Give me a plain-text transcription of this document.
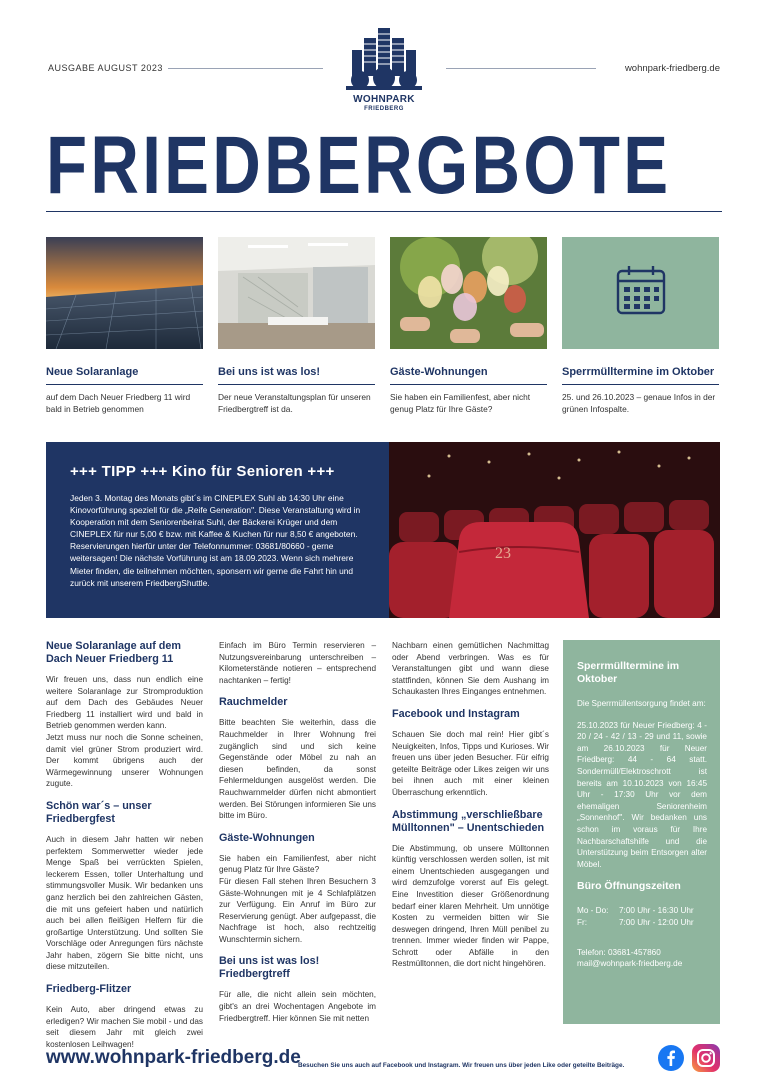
AUSGABE AUGUST 2023	wohnpark-friedberg.de
WOHNPARK
FRIEDBERG
FRIEDBERGBOTE
Neue Solaranlage	Bei uns ist was los!	Gäste-Wohnungen	Sperrmülltermine im Oktober
auf dem Dach Neuer Friedberg 11 wird bald in Betrieb genommen
Der neue Veranstaltungsplan für unseren Friedbergtreff ist da.
Sie haben ein Familienfest, aber nicht genug Platz für Ihre Gäste?
25. und 26.10.2023 – genaue Infos in der grünen Infospalte.
+++ TIPP +++ Kino für Senioren +++
Jeden 3. Montag des Monats gibt´s im CINEPLEX Suhl ab 14:30 Uhr eine Kinovorführung speziell für die „Reife Generation". Diese Veranstaltung wird in Kooperation mit dem Seniorenbeirat Suhl, der Bäckerei Krüger und dem CINEPLEX für nur 5,00 € bzw. mit Kaffee & Kuchen für nur 8,50 € angeboten. Reservierungen hierfür unter der Telefonnummer: 03681/80660 - gerne weitersagen! Die nächste Vorführung ist am 18.09.2023. Wenn sich mehrere Mieter finden, die teilnehmen möchten, sponsern wir gerne die Fahrt hin und zurück mit unserem FriedbergShuttle.
23
Neue Solaranlage auf dem Dach Neuer Friedberg 11

Wir freuen uns, dass nun endlich eine weitere Solaranlage zur Stromproduktion auf dem Dach des Gebäudes Neuer Friedberg 11 installiert wird und bald in Betrieb genommen werden kann.

Jetzt muss nur noch die Sonne scheinen, damit viel grüner Strom produziert wird. Der kommt übrigens auch der Wärmegewinnung unserer Wohnungen zugute.

Schön war´s – unser Friedbergfest

Auch in diesem Jahr hatten wir neben perfektem Sommerwetter wieder jede Menge Spaß bei verrückten Spielen, leckerem Essen, toller Unterhaltung und stimmungsvoller Musik. Wir bedanken uns ganz herzlich bei den zahlreichen Gästen, die mit uns gefeiert haben und natürlich auch bei allen fleißigen Helfern für die großartige Unterstützung. Und sollten Sie Vorschläge oder Anregungen fürs nächste Jahr haben, zögern Sie bitte nicht, uns diese mitzuteilen.

Friedberg-Flitzer

Kein Auto, aber dringend etwas zu erledigen? Wir machen Sie mobil - und das seit diesem Jahr mit gleich zwei kostenlosen Leihwagen!

Einfach im Büro Termin reservieren – Nutzungsvereinbarung unterschreiben – Kilometerstände notieren – entsprechend nachtanken – fertig!

Rauchmelder

Bitte beachten Sie weiterhin, dass die Rauchmelder in Ihrer Wohnung frei zugänglich sind und sich keine Gegenstände oder Möbel zu nah an diesen befinden, da sonst Fehlermeldungen ausgelöst werden. Die Rauchwarnmelder dürfen nicht abmontiert werden. Bei Störungen informieren Sie uns bitte im Büro.

Gäste-Wohnungen

Sie haben ein Familienfest, aber nicht genug Platz für Ihre Gäste?

Für diesen Fall stehen Ihren Besuchern 3 Gäste-Wohnungen mit je 4 Schlafplätzen zur Verfügung. Ein Anruf im Büro zur Reservierung genügt. Aber aufgepasst, die Nachfrage ist hoch, also rechtzeitig Wunschtermin sichern.

Bei uns ist was los! Friedbergtreff

Für alle, die nicht allein sein möchten, gibt's an drei Wochentagen Angebote im Friedbergtreff. Hier können Sie mit netten

Nachbarn einen gemütlichen Nachmittag oder Abend verbringen. Was es für Veranstaltungen gibt und wann diese stattfinden, können Sie dem Aushang im Schaukasten Ihres Einganges entnehmen.

Facebook und Instagram

Schauen Sie doch mal rein! Hier gibt´s Neuigkeiten, Infos, Tipps und Kurioses. Wir freuen uns über jeden Besucher. Für eifrig geteilte Beiträge oder Likes zeigen wir uns bei ihnen auch mit einer kleinen Überraschung erkenntlich.

Abstimmung „verschließbare Mülltonnen" – Unentschieden

Die Abstimmung, ob unsere Mülltonnen künftig verschlossen werden sollen, ist mit einem Unentschieden ausgegangen und wird demzufolge vorerst auf Eis gelegt. Eine Investition dieser Größenordnung bedarf einer klaren Mehrheit. Um unnötige Kosten zu vermeiden bitten wir Sie deswegen dringend, Ihren Müll penibel zu trennen. Immer wieder finden wir Pappe, Schrott oder Abfälle in den Restmülltonnen, die dort nicht hingehören.

Sperrmülltermine im Oktober

Die Sperrmüllentsorgung findet am:

25.10.2023 für Neuer Friedberg: 4 - 20 / 24 - 42 / 13 - 29 und 11, sowie am 26.10.2023 für Neuer Friedberg: 44 - 64 statt. Sondermüll/Elektroschrott ist bereits am 10.10.2023 von 16:45 Uhr - 17:30 Uhr vor dem ehemaligen Seniorenheim „Sonnenhof". Wir bedanken uns schon im voraus für Ihre Nachbarschaftshilfe und die Unterstützung beim Entsorgen alter Möbel.

Büro Öffnungszeiten
Mo - Do:	7:00 Uhr - 16:30 Uhr
Fr:	7:00 Uhr - 12:00 Uhr
Telefon: 03681-457860
mail@wohnpark-friedberg.de
www.wohnpark-friedberg.de
Besuchen Sie uns auch auf Facebook und Instagram. Wir freuen uns über jeden Like oder geteilte Beiträge.
